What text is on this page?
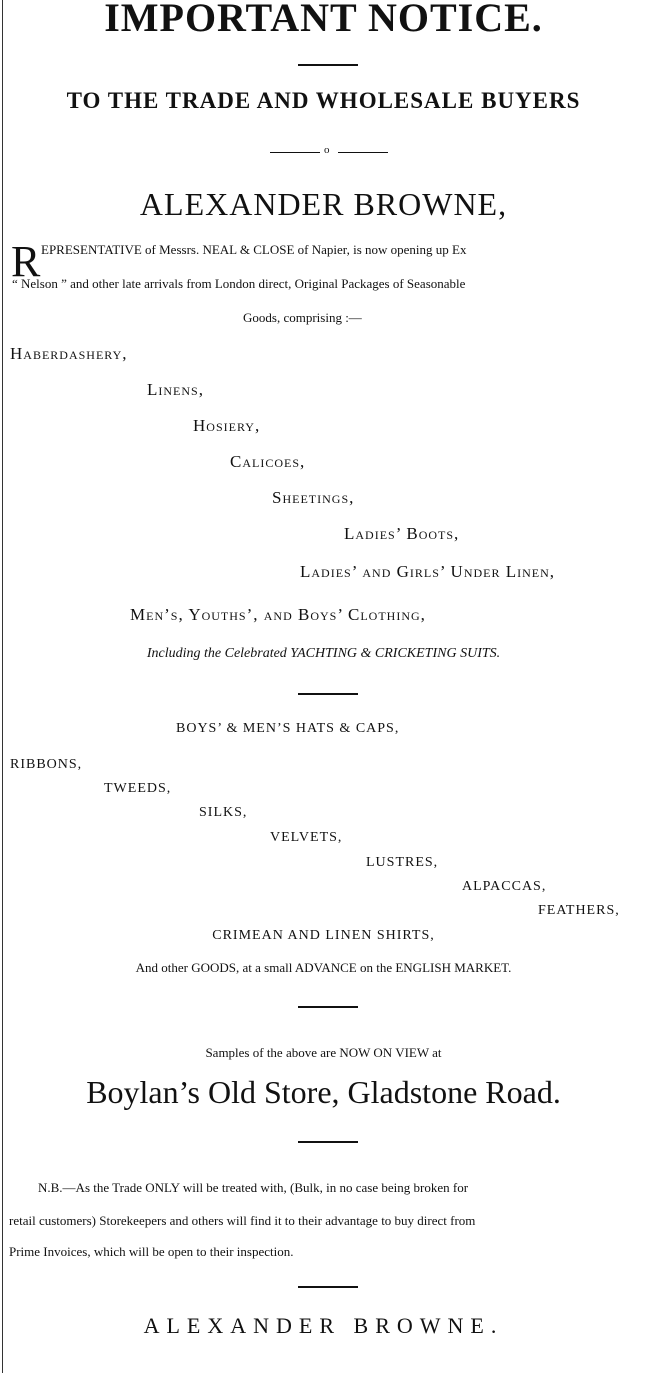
IMPORTANT NOTICE.
TO THE TRADE AND WHOLESALE BUYERS
o
ALEXANDER BROWNE,
R EPRESENTATIVE of Messrs. NEAL & CLOSE of Napier, is now opening up Ex
“ Nelson ” and other late arrivals from London direct, Original Packages of Seasonable
Goods, comprising :—
Haberdashery,
Linens,
Hosiery,
Calicoes,
Sheetings,
Ladies’ Boots,
Ladies’ and Girls’ Under Linen,
Men’s, Youths’, and Boys’ Clothing,
Including the Celebrated YACHTING & CRICKETING SUITS.
BOYS’ & MEN’S HATS & CAPS,
RIBBONS,
TWEEDS,
SILKS,
VELVETS,
LUSTRES,
ALPACCAS,
FEATHERS,
CRIMEAN AND LINEN SHIRTS,
And other GOODS, at a small ADVANCE on the ENGLISH MARKET.
Samples of the above are NOW ON VIEW at
Boylan’s Old Store, Gladstone Road.
N.B.—As the Trade ONLY will be treated with, (Bulk, in no case being broken for
retail customers) Storekeepers and others will find it to their advantage to buy direct from
Prime Invoices, which will be open to their inspection.
ALEXANDER BROWNE.
